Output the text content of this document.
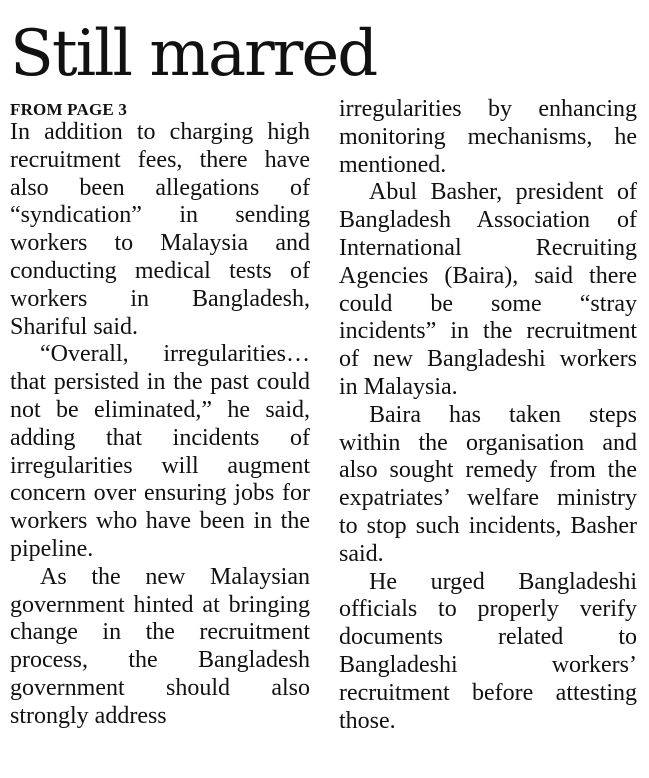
Still marred
FROM PAGE 3

In addition to charging high recruitment fees, there have also been allegations of “syndication” in sending workers to Malaysia and conducting medical tests of workers in Bangladesh, Shariful said.

“Overall, irregularities… that persisted in the past could not be eliminated,” he said, adding that incidents of irregularities will augment concern over ensuring jobs for workers who have been in the pipeline.

As the new Malaysian government hinted at bringing change in the recruitment process, the Bangladesh government should also strongly address

irregularities by enhancing monitoring mechanisms, he mentioned.

Abul Basher, president of Bangladesh Association of International Recruiting Agencies (Baira), said there could be some “stray incidents” in the recruitment of new Bangladeshi workers in Malaysia.

Baira has taken steps within the organisation and also sought remedy from the expatriates’ welfare ministry to stop such incidents, Basher said.

He urged Bangladeshi officials to properly verify documents related to Bangladeshi workers’ recruitment before attesting those.
